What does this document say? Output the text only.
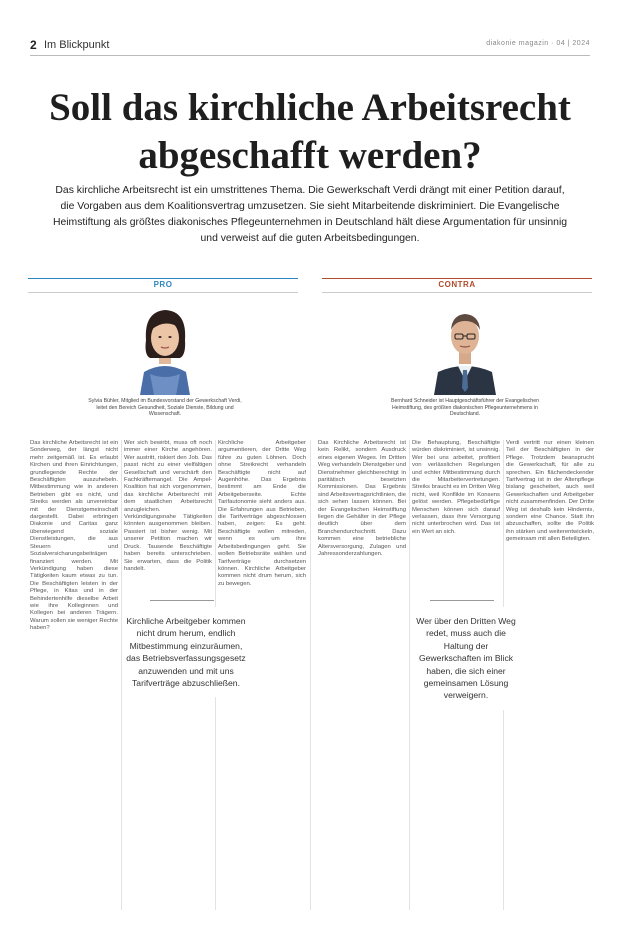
2 Im Blickpunkt	diakonie magazin · 04 | 2024
Soll das kirchliche Arbeitsrecht abgeschafft werden?

Das kirchliche Arbeitsrecht ist ein umstrittenes Thema. Die Gewerkschaft Verdi drängt mit einer Petition darauf, die Vorgaben aus dem Koalitionsvertrag umzusetzen. Sie sieht Mitarbeitende diskriminiert. Die Evangelische Heimstiftung als größtes diakonisches Pflegeunternehmen in Deutschland hält diese Argumentation für unsinnig und verweist auf die guten Arbeitsbedingungen.

PRO	CONTRA
Sylvia Bühler, Mitglied im Bundesvorstand der Gewerkschaft Verdi, leitet den Bereich Gesundheit, Soziale Dienste, Bildung und Wissenschaft.
Bernhard Schneider ist Hauptgeschäftsführer der Evangelischen Heimstiftung, des größten diakonischen Pflegeunternehmens in Deutschland.

Das kirchliche Arbeitsrecht ist ein Sonderweg, der längst nicht mehr zeitgemäß ist. Es erlaubt Kirchen und ihren Einrichtungen, grundlegende Rechte der Beschäftigten auszuhebeln. Mitbestimmung wie in anderen Betrieben gibt es nicht, und Streiks werden als unvereinbar mit der Dienstgemeinschaft dargestellt. Dabei erbringen Diakonie und Caritas ganz überwiegend soziale Dienstleistungen, die aus Steuern und Sozialversicharungsbeiträgen finanziert werden. Mit Verkündigung haben diese Tätigkeiten kaum etwas zu tun. Die Beschäftigten leisten in der Pflege, in Kitas und in der Behindertenhilfe dieselbe Arbeit wie ihre Kolleginnen und Kollegen bei anderen Trägern. Warum sollen sie weniger Rechte haben?

Wer sich bewirbt, muss oft noch immer einer Kirche angehören. Wer austritt, riskiert den Job. Das passt nicht zu einer vielfältigen Gesellschaft und verschärft den Fachkräftemangel. Die Ampel-Koalition hat sich vorgenommen, das kirchliche Arbeitsrecht mit dem staatlichen Arbeitsrecht anzugleichen. Verkündigungsnahe Tätigkeiten könnten ausgenommen bleiben. Passiert ist bisher wenig. Mit unserer Petition machen wir Druck. Tausende Beschäftigte haben bereits unterschrieben. Sie erwarten, dass die Politik handelt.

Kirchliche Arbeitgeber argumentieren, der Dritte Weg führe zu guten Löhnen. Doch ohne Streikrecht verhandeln Beschäftigte nicht auf Augenhöhe. Das Ergebnis bestimmt am Ende die Arbeitgeberseite. Echte Tarifautonomie sieht anders aus. Die Erfahrungen aus Betrieben, die Tarifverträge abgeschlossen haben, zeigen: Es geht. Beschäftigte wollen mitreden, wenn es um ihre Arbeitsbedingungen geht. Sie wollen Betriebsräte wählen und Tarifverträge durchsetzen können. Kirchliche Arbeitgeber kommen nicht drum herum, sich zu bewegen.

Das Kirchliche Arbeitsrecht ist kein Relikt, sondern Ausdruck eines eigenen Weges. Im Dritten Weg verhandeln Dienstgeber und Dienstnehmer gleichberechtigt in paritätisch besetzten Kommissionen. Das Ergebnis sind Arbeitsvertragsrichtlinien, die sich sehen lassen können. Bei der Evangelischen Heimstiftung liegen die Gehälter in der Pflege deutlich über dem Branchendurchschnitt. Dazu kommen eine betriebliche Altersversorgung, Zulagen und Jahressonderzahlungen.

Die Behauptung, Beschäftigte würden diskriminiert, ist unsinnig. Wer bei uns arbeitet, profitiert von verlässlichen Regelungen und echter Mitbestimmung durch die Mitarbeitervertretungen. Streiks braucht es im Dritten Weg nicht, weil Konflikte im Konsens gelöst werden. Pflegebedürftige Menschen können sich darauf verlassen, dass ihre Versorgung nicht unterbrochen wird. Das ist ein Wert an sich.

Verdi vertritt nur einen kleinen Teil der Beschäftigten in der Pflege. Trotzdem beansprucht die Gewerkschaft, für alle zu sprechen. Ein flächendeckender Tarifvertrag ist in der Altenpflege bislang gescheitert, auch weil Gewerkschaften und Arbeitgeber nicht zusammenfinden. Der Dritte Weg ist deshalb kein Hindernis, sondern eine Chance. Statt ihn abzuschaffen, sollte die Politik ihn stärken und weiterentwickeln, gemeinsam mit allen Beteiligten.

Kirchliche Arbeitgeber kommen nicht drum herum, endlich Mitbestimmung einzuräumen, das Betriebsverfassungsgesetz anzuwenden und mit uns Tarifverträge abzuschließen.
Wer über den Dritten Weg redet, muss auch die Haltung der Gewerkschaften im Blick haben, die sich einer gemeinsamen Lösung verweigern.
